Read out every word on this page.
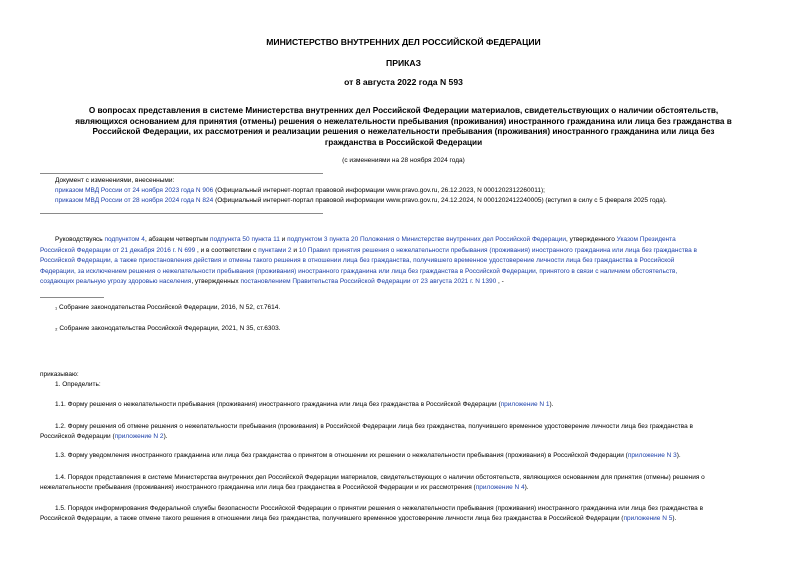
МИНИСТЕРСТВО ВНУТРЕННИХ ДЕЛ РОССИЙСКОЙ ФЕДЕРАЦИИ
ПРИКАЗ
от 8 августа 2022 года N 593
О вопросах представления в системе Министерства внутренних дел Российской Федерации материалов, свидетельствующих о наличии обстоятельств,
являющихся основанием для принятия (отмены) решения о нежелательности пребывания (проживания) иностранного гражданина или лица без гражданства в
Российской Федерации, их рассмотрения и реализации решения о нежелательности пребывания (проживания) иностранного гражданина или лица без
гражданства в Российской Федерации
(с изменениями на 28 ноября 2024 года)
Документ с изменениями, внесенными:
приказом МВД России от 24 ноября 2023 года N 906 (Официальный интернет-портал правовой информации www.pravo.gov.ru, 26.12.2023, N 0001202312260011);
приказом МВД России от 28 ноября 2024 года N 824 (Официальный интернет-портал правовой информации www.pravo.gov.ru, 24.12.2024, N 0001202412240005) (вступил в силу с 5 февраля 2025 года).
Руководствуясь подпунктом 4, абзацем четвертым подпункта 50 пункта 11 и подпунктом 3 пункта 20 Положения о Министерстве внутренних дел Российской Федерации, утвержденного Указом Президента
Российской Федерации от 21 декабря 2016 г. N 699 , и в соответствии с пунктами 2 и 10 Правил принятия решения о нежелательности пребывания (проживания) иностранного гражданина или лица без гражданства в
Российской Федерации, а также приостановления действия и отмены такого решения в отношении лица без гражданства, получившего временное удостоверение личности лица без гражданства в Российской
Федерации, за исключением решения о нежелательности пребывания (проживания) иностранного гражданина или лица без гражданства в Российской Федерации, принятого в связи с наличием обстоятельств,
создающих реальную угрозу здоровью населения, утвержденных постановлением Правительства Российской Федерации от 23 августа 2021 г. N 1390 , -
₁ Собрание законодательства Российской Федерации, 2016, N 52, ст.7614.
₂ Собрание законодательства Российской Федерации, 2021, N 35, ст.6303.
приказываю:
1. Определить:
1.1. Форму решения о нежелательности пребывания (проживания) иностранного гражданина или лица без гражданства в Российской Федерации (приложение N 1).
1.2. Форму решения об отмене решения о нежелательности пребывания (проживания) в Российской Федерации лица без гражданства, получившего временное удостоверение личности лица без гражданства в
Российской Федерации (приложение N 2).
1.3. Форму уведомления иностранного гражданина или лица без гражданства о принятом в отношении их решении о нежелательности пребывания (проживания) в Российской Федерации (приложение N 3).
1.4. Порядок представления в системе Министерства внутренних дел Российской Федерации материалов, свидетельствующих о наличии обстоятельств, являющихся основанием для принятия (отмены) решения о
нежелательности пребывания (проживания) иностранного гражданина или лица без гражданства в Российской Федерации и их рассмотрения (приложение N 4).
1.5. Порядок информирования Федеральной службы безопасности Российской Федерации о принятии решения о нежелательности пребывания (проживания) иностранного гражданина или лица без гражданства в
Российской Федерации, а также отмене такого решения в отношении лица без гражданства, получившего временное удостоверение личности лица без гражданства в Российской Федерации (приложение N 5).
